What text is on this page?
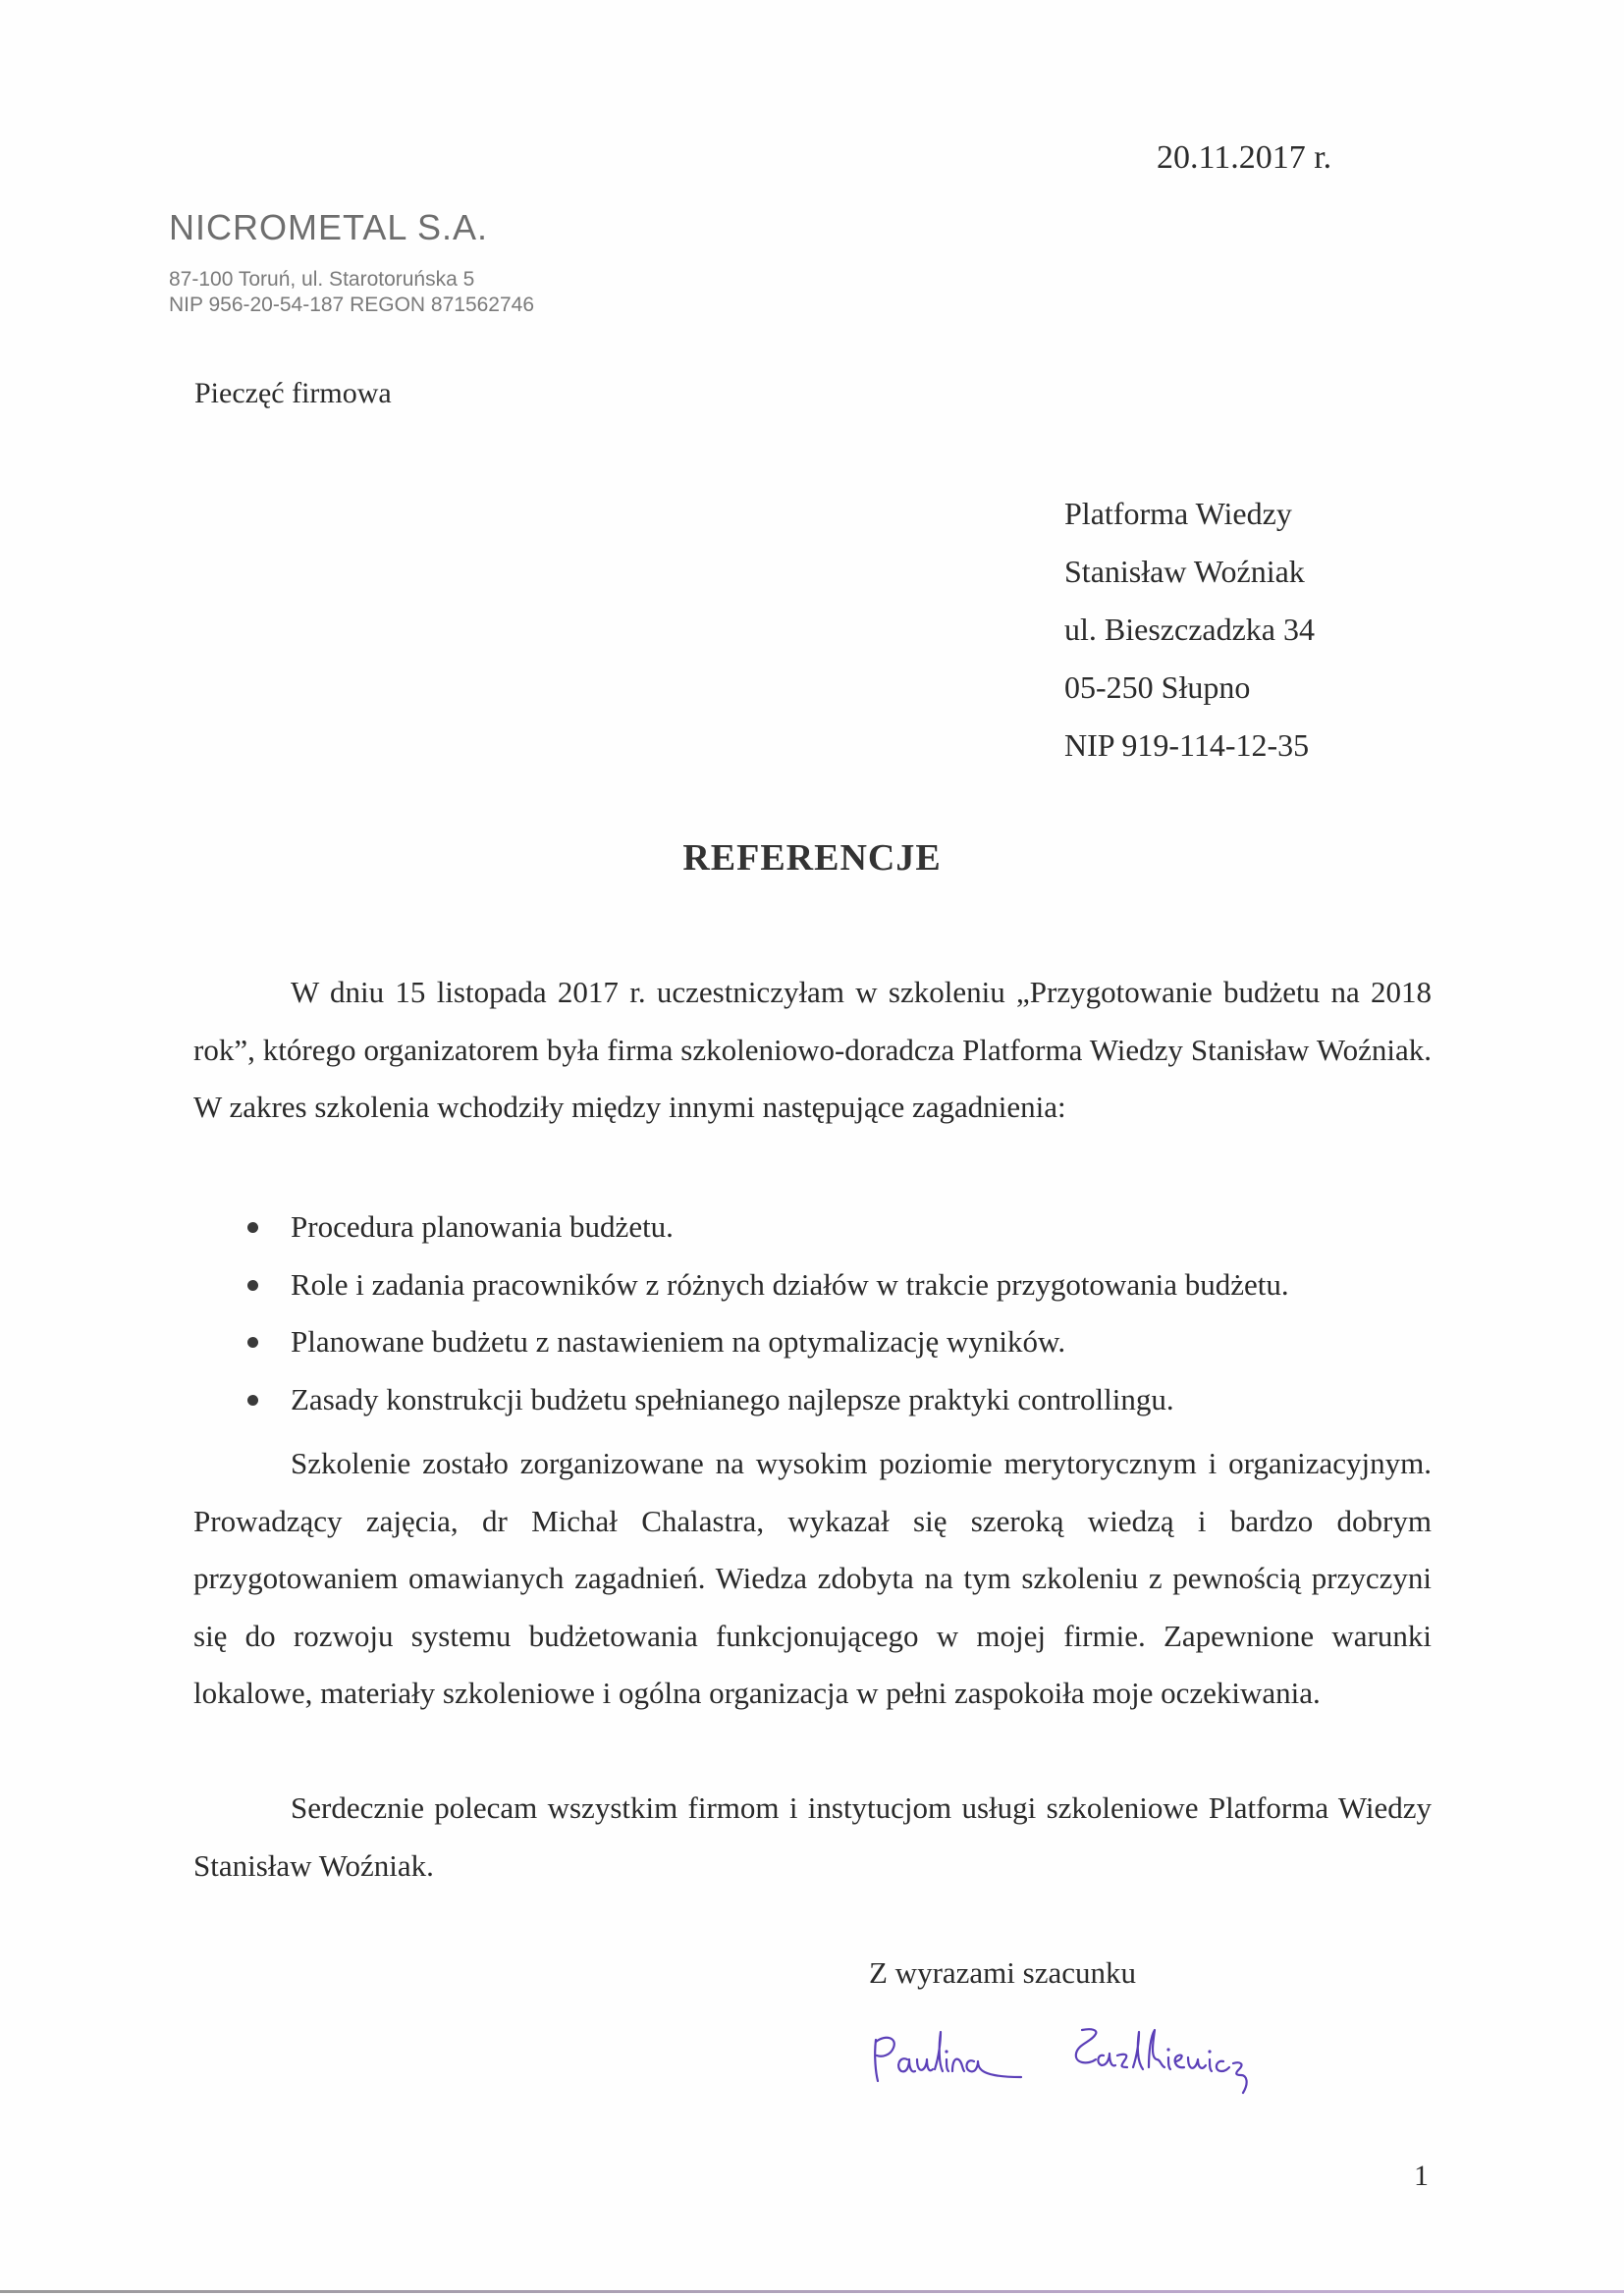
20.11.2017 r.
NICROMETAL S.A.
87-100 Toruń, ul. Starotoruńska 5
NIP 956-20-54-187 REGON 871562746
Pieczęć firmowa
Platforma Wiedzy
Stanisław Woźniak
ul. Bieszczadzka 34
05-250 Słupno
NIP 919-114-12-35
REFERENCJE

W dniu 15 listopada 2017 r. uczestniczyłam w szkoleniu „Przygotowanie budżetu na 2018 rok”, którego organizatorem była firma szkoleniowo-doradcza Platforma Wiedzy Stanisław Woźniak. W zakres szkolenia wchodziły między innymi następujące zagadnienia:

Procedura planowania budżetu.
Role i zadania pracowników z różnych działów w trakcie przygotowania budżetu.
Planowane budżetu z nastawieniem na optymalizację wyników.
Zasady konstrukcji budżetu spełnianego najlepsze praktyki controllingu.

Szkolenie zostało zorganizowane na wysokim poziomie merytorycznym i organizacyjnym. Prowadzący zajęcia, dr Michał Chalastra, wykazał się szeroką wiedzą i bardzo dobrym przygotowaniem omawianych zagadnień. Wiedza zdobyta na tym szkoleniu z pewnością przyczyni się do rozwoju systemu budżetowania funkcjonującego w mojej firmie. Zapewnione warunki lokalowe, materiały szkoleniowe i ogólna organizacja w pełni zaspokoiła moje oczekiwania.

Serdecznie polecam wszystkim firmom i instytucjom usługi szkoleniowe Platforma Wiedzy Stanisław Woźniak.

Z wyrazami szacunku
1
